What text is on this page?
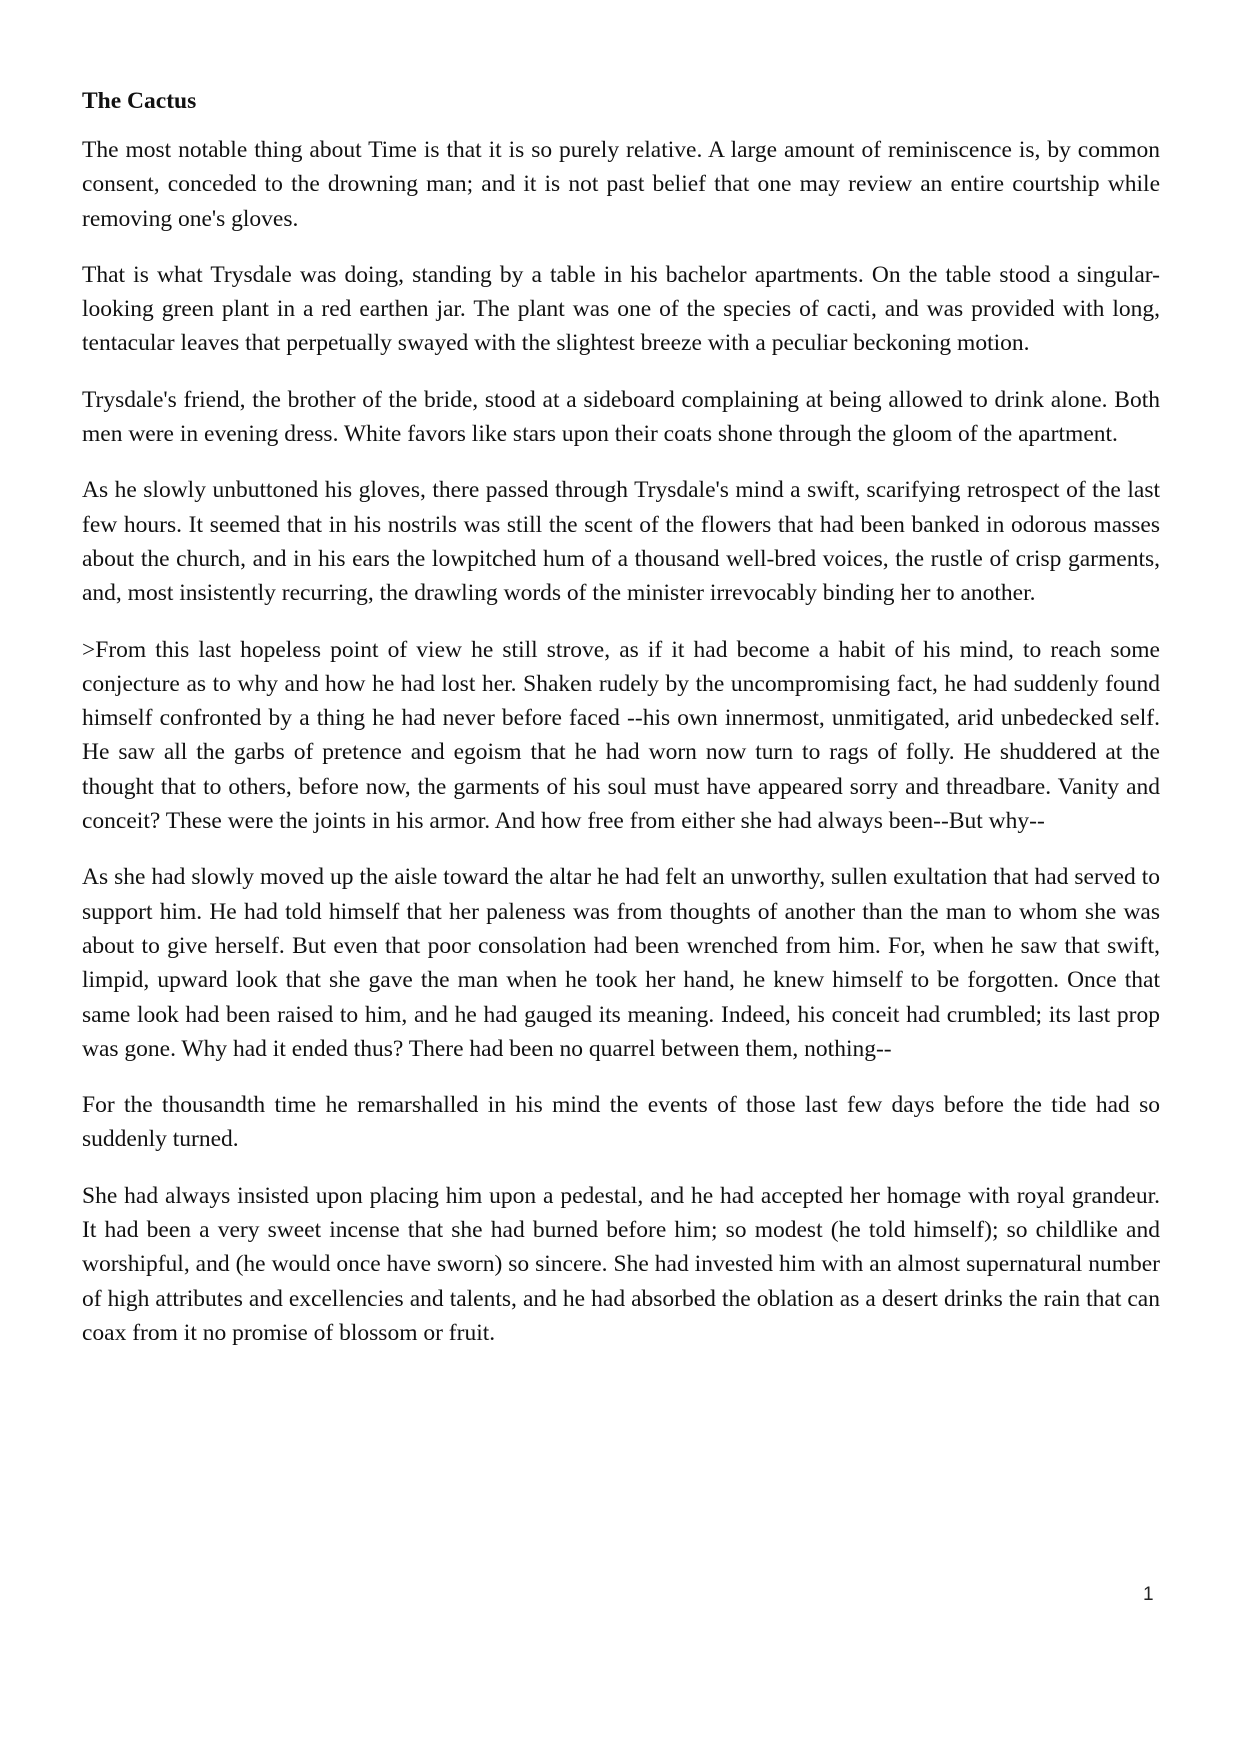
The Cactus

The most notable thing about Time is that it is so purely relative. A large amount of reminiscence is, by common consent, conceded to the drowning man; and it is not past belief that one may review an entire courtship while removing one's gloves.

That is what Trysdale was doing, standing by a table in his bachelor apartments. On the table stood a singular-looking green plant in a red earthen jar. The plant was one of the species of cacti, and was provided with long, tentacular leaves that perpetually swayed with the slightest breeze with a peculiar beckoning motion.

Trysdale's friend, the brother of the bride, stood at a sideboard complaining at being allowed to drink alone. Both men were in evening dress. White favors like stars upon their coats shone through the gloom of the apartment.

As he slowly unbuttoned his gloves, there passed through Trysdale's mind a swift, scarifying retrospect of the last few hours. It seemed that in his nostrils was still the scent of the flowers that had been banked in odorous masses about the church, and in his ears the lowpitched hum of a thousand well-bred voices, the rustle of crisp garments, and, most insistently recurring, the drawling words of the minister irrevocably binding her to another.

>From this last hopeless point of view he still strove, as if it had become a habit of his mind, to reach some conjecture as to why and how he had lost her. Shaken rudely by the uncompromising fact, he had suddenly found himself confronted by a thing he had never before faced --his own innermost, unmitigated, arid unbedecked self. He saw all the garbs of pretence and egoism that he had worn now turn to rags of folly. He shuddered at the thought that to others, before now, the garments of his soul must have appeared sorry and threadbare. Vanity and conceit? These were the joints in his armor. And how free from either she had always been--But why--

As she had slowly moved up the aisle toward the altar he had felt an unworthy, sullen exultation that had served to support him. He had told himself that her paleness was from thoughts of another than the man to whom she was about to give herself. But even that poor consolation had been wrenched from him. For, when he saw that swift, limpid, upward look that she gave the man when he took her hand, he knew himself to be forgotten. Once that same look had been raised to him, and he had gauged its meaning. Indeed, his conceit had crumbled; its last prop was gone. Why had it ended thus? There had been no quarrel between them, nothing--

For the thousandth time he remarshalled in his mind the events of those last few days before the tide had so suddenly turned.

She had always insisted upon placing him upon a pedestal, and he had accepted her homage with royal grandeur. It had been a very sweet incense that she had burned before him; so modest (he told himself); so childlike and worshipful, and (he would once have sworn) so sincere. She had invested him with an almost supernatural number of high attributes and excellencies and talents, and he had absorbed the oblation as a desert drinks the rain that can coax from it no promise of blossom or fruit.

1
